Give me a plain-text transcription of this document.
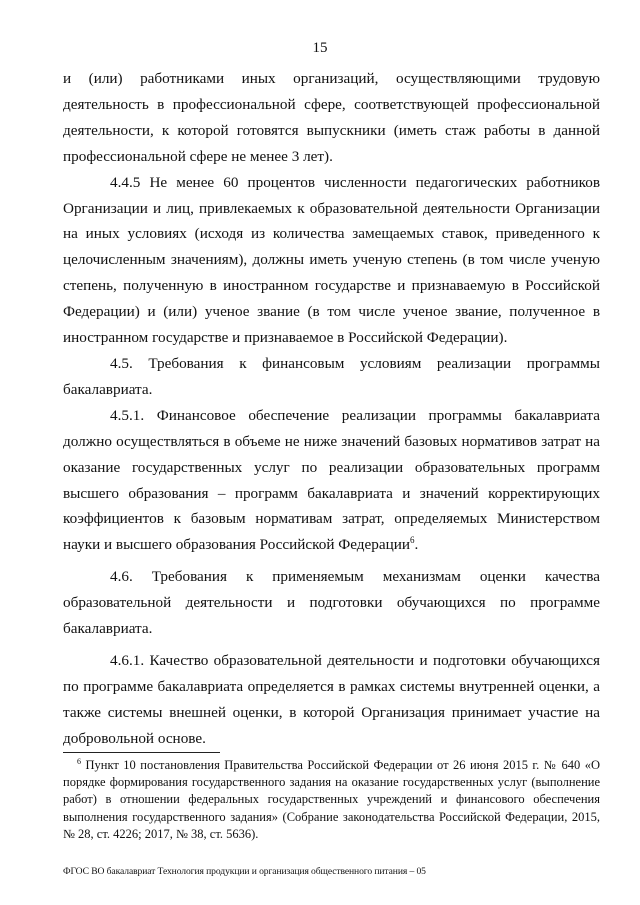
15

и (или) работниками иных организаций, осуществляющими трудовую деятельность в профессиональной сфере, соответствующей профессиональной деятельности, к которой готовятся выпускники (иметь стаж работы в данной профессиональной сфере не менее 3 лет).

4.4.5 Не менее 60 процентов численности педагогических работников Организации и лиц, привлекаемых к образовательной деятельности Организации на иных условиях (исходя из количества замещаемых ставок, приведенного к целочисленным значениям), должны иметь ученую степень (в том числе ученую степень, полученную в иностранном государстве и признаваемую в Российской Федерации) и (или) ученое звание (в том числе ученое звание, полученное в иностранном государстве и признаваемое в Российской Федерации).

4.5. Требования к финансовым условиям реализации программы бакалавриата.

4.5.1. Финансовое обеспечение реализации программы бакалавриата должно осуществляться в объеме не ниже значений базовых нормативов затрат на оказание государственных услуг по реализации образовательных программ высшего образования – программ бакалавриата и значений корректирующих коэффициентов к базовым нормативам затрат, определяемых Министерством науки и высшего образования Российской Федерации$^6$.

4.6. Требования к применяемым механизмам оценки качества образовательной деятельности и подготовки обучающихся по программе бакалавриата.

4.6.1. Качество образовательной деятельности и подготовки обучающихся по программе бакалавриата определяется в рамках системы внутренней оценки, а также системы внешней оценки, в которой Организация принимает участие на добровольной основе.

$^6$ Пункт 10 постановления Правительства Российской Федерации от 26 июня 2015 г. № 640 «О порядке формирования государственного задания на оказание государственных услуг (выполнение работ) в отношении федеральных государственных учреждений и финансового обеспечения выполнения государственного задания» (Собрание законодательства Российской Федерации, 2015, № 28, ст. 4226; 2017, № 38, ст. 5636).
ФГОС ВО бакалавриат Технология продукции и организация общественного питания – 05
